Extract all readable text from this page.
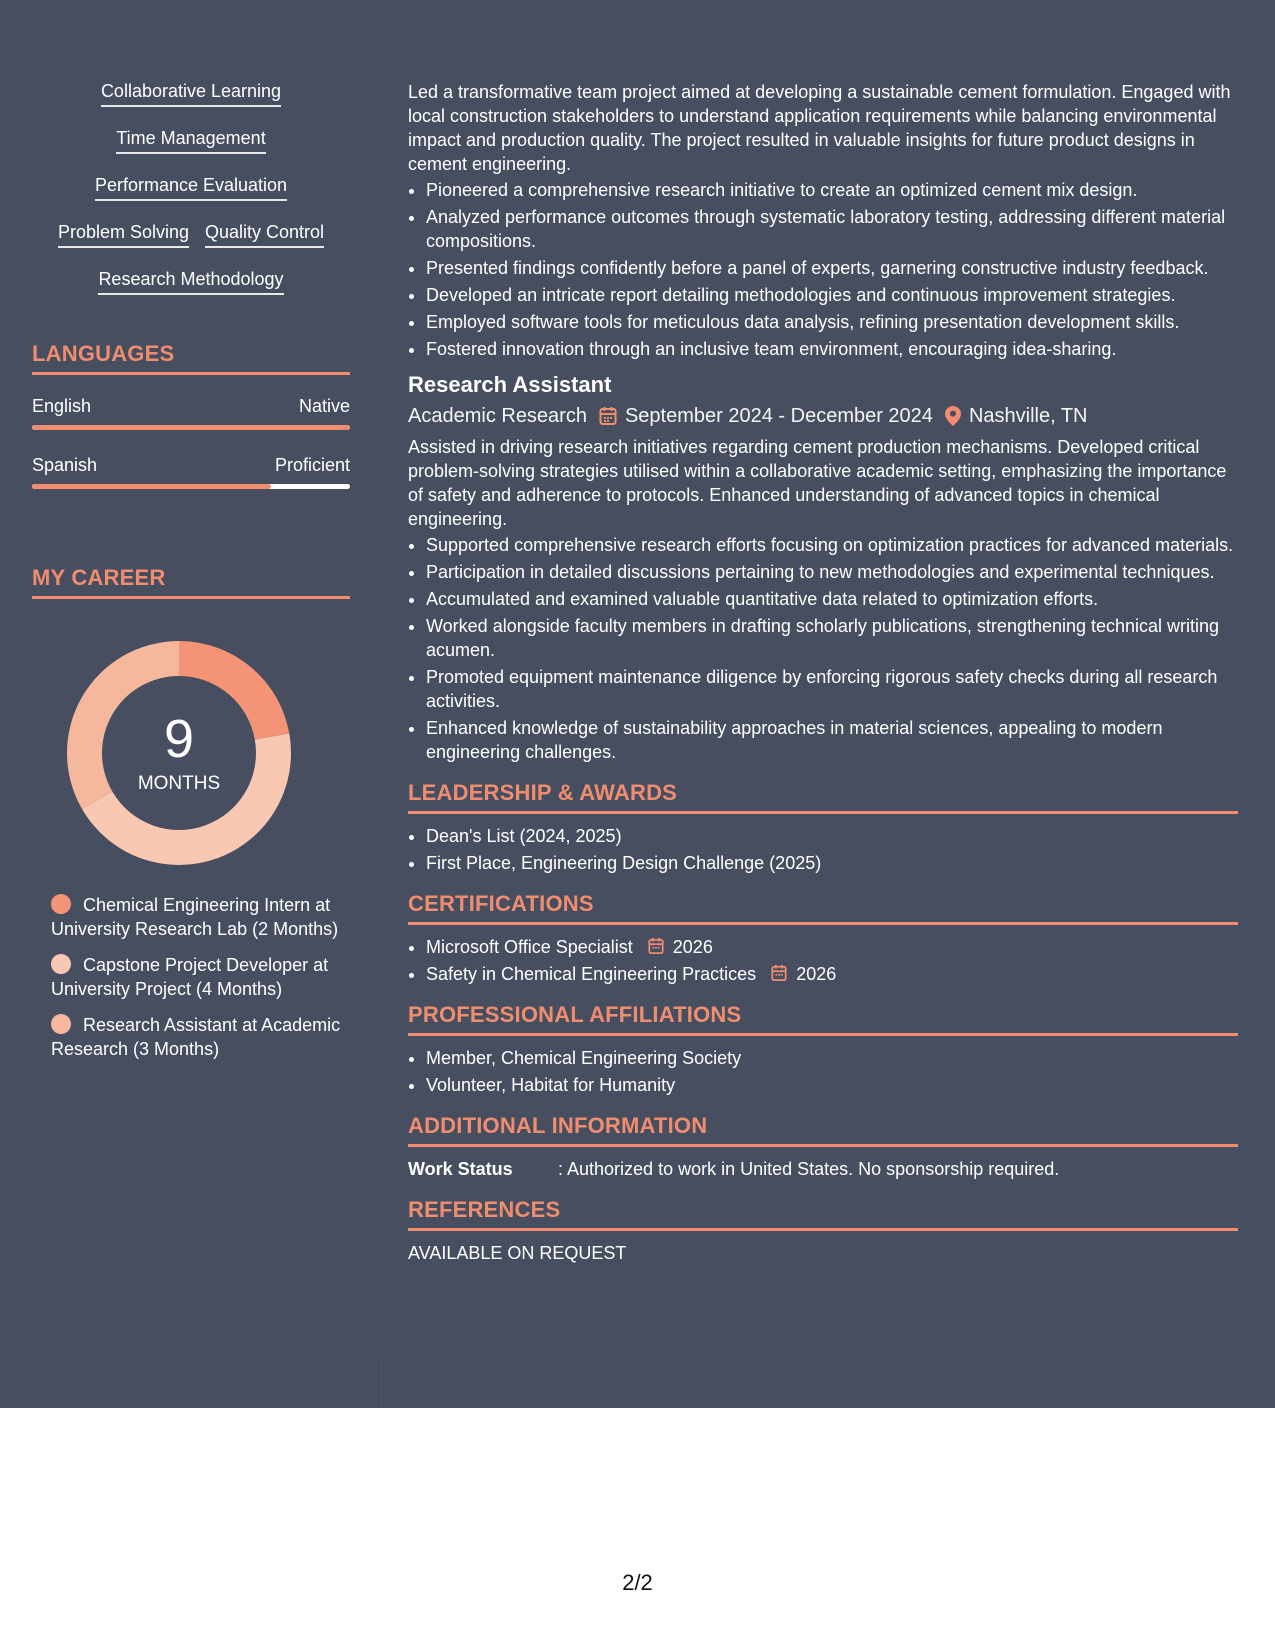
Collaborative Learning
Time Management
Performance Evaluation
Problem Solving Quality Control
Research Methodology
LANGUAGES
English	Native
Spanish	Proficient
MY CAREER
9
MONTHS
Chemical Engineering Intern at University Research Lab (2 Months)
Capstone Project Developer at University Project (4 Months)
Research Assistant at Academic Research (3 Months)

Led a transformative team project aimed at developing a sustainable cement formulation. Engaged with local construction stakeholders to understand application requirements while balancing environmental impact and production quality. The project resulted in valuable insights for future product designs in cement engineering.

• Pioneered a comprehensive research initiative to create an optimized cement mix design.
• Analyzed performance outcomes through systematic laboratory testing, addressing different material compositions.
• Presented findings confidently before a panel of experts, garnering constructive industry feedback.
• Developed an intricate report detailing methodologies and continuous improvement strategies.
• Employed software tools for meticulous data analysis, refining presentation development skills.
• Fostered innovation through an inclusive team environment, encouraging idea-sharing.
Research Assistant
Academic Research September 2024 - December 2024 Nashville, TN

Assisted in driving research initiatives regarding cement production mechanisms. Developed critical problem-solving strategies utilised within a collaborative academic setting, emphasizing the importance of safety and adherence to protocols. Enhanced understanding of advanced topics in chemical engineering.

• Supported comprehensive research efforts focusing on optimization practices for advanced materials.
• Participation in detailed discussions pertaining to new methodologies and experimental techniques.
• Accumulated and examined valuable quantitative data related to optimization efforts.
• Worked alongside faculty members in drafting scholarly publications, strengthening technical writing acumen.
• Promoted equipment maintenance diligence by enforcing rigorous safety checks during all research activities.
• Enhanced knowledge of sustainability approaches in material sciences, appealing to modern engineering challenges.
LEADERSHIP & AWARDS
• Dean's List (2024, 2025)
• First Place, Engineering Design Challenge (2025)
CERTIFICATIONS
• Microsoft Office Specialist 2026
• Safety in Chemical Engineering Practices 2026
PROFESSIONAL AFFILIATIONS
• Member, Chemical Engineering Society
• Volunteer, Habitat for Humanity
ADDITIONAL INFORMATION
Work Status	: Authorized to work in United States. No sponsorship required.
REFERENCES
AVAILABLE ON REQUEST
2/2
